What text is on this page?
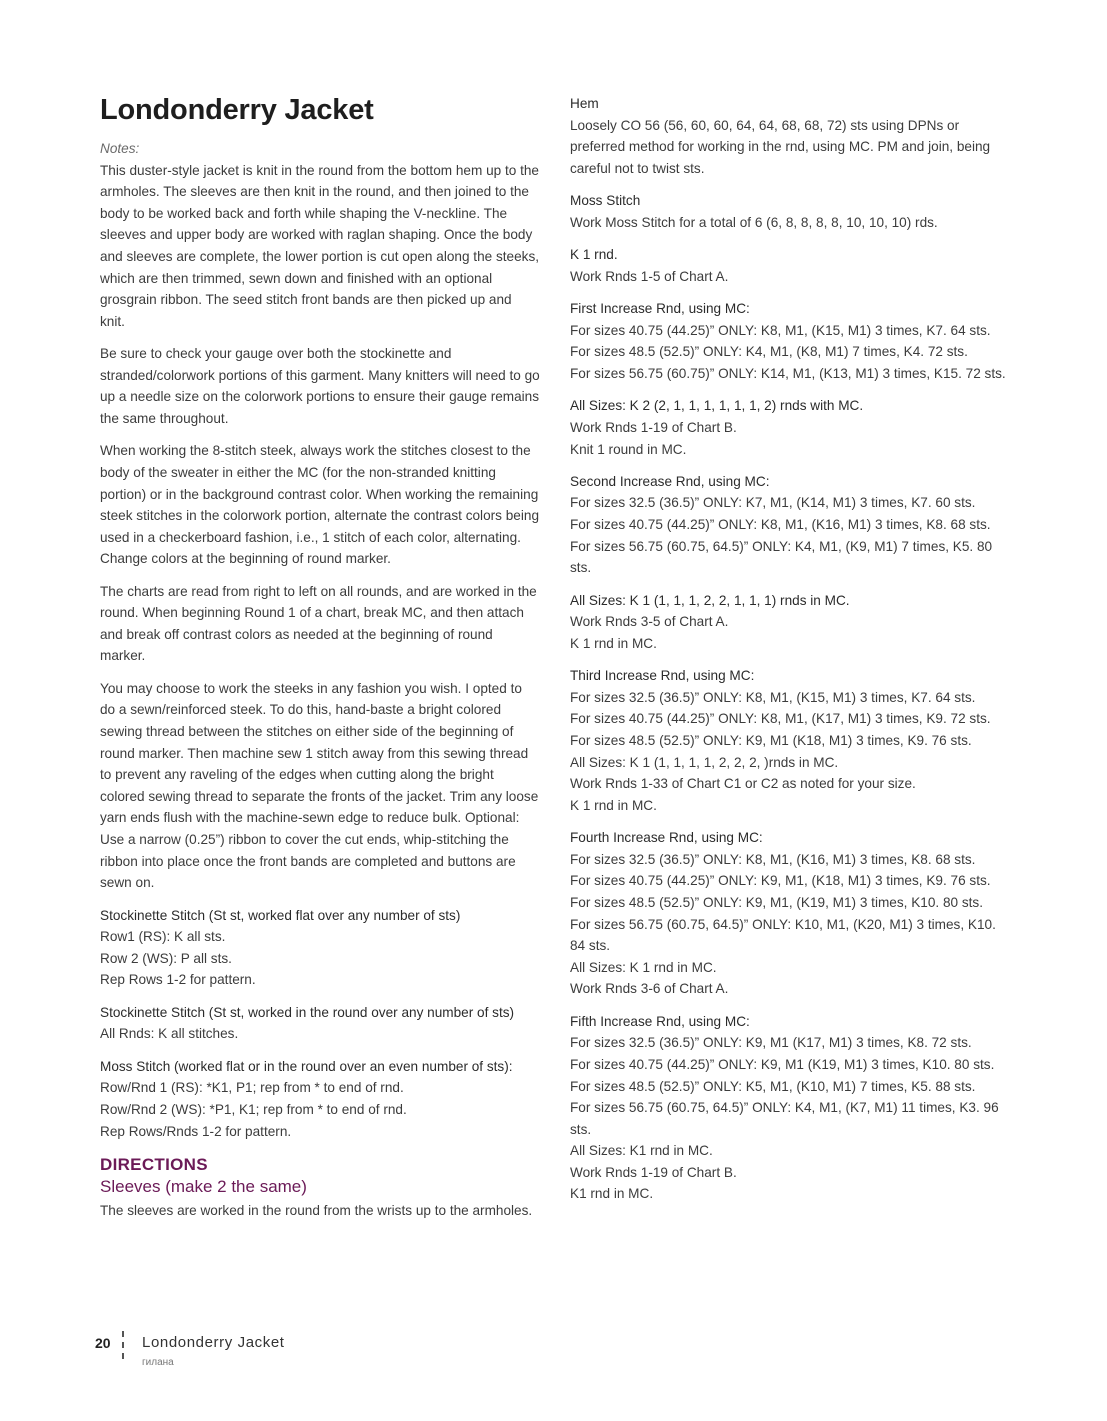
Londonderry Jacket
Notes:
This duster-style jacket is knit in the round from the bottom hem up to the armholes. The sleeves are then knit in the round, and then joined to the body to be worked back and forth while shaping the V-neckline. The sleeves and upper body are worked with raglan shaping. Once the body and sleeves are complete, the lower portion is cut open along the steeks, which are then trimmed, sewn down and finished with an optional grosgrain ribbon. The seed stitch front bands are then picked up and knit.
Be sure to check your gauge over both the stockinette and stranded/colorwork portions of this garment. Many knitters will need to go up a needle size on the colorwork portions to ensure their gauge remains the same throughout.
When working the 8-stitch steek, always work the stitches closest to the body of the sweater in either the MC (for the non-stranded knitting portion) or in the background contrast color. When working the remaining steek stitches in the colorwork portion, alternate the contrast colors being used in a checkerboard fashion, i.e., 1 stitch of each color, alternating. Change colors at the beginning of round marker.
The charts are read from right to left on all rounds, and are worked in the round. When beginning Round 1 of a chart, break MC, and then attach and break off contrast colors as needed at the beginning of round marker.
You may choose to work the steeks in any fashion you wish. I opted to do a sewn/reinforced steek. To do this, hand-baste a bright colored sewing thread between the stitches on either side of the beginning of round marker. Then machine sew 1 stitch away from this sewing thread to prevent any raveling of the edges when cutting along the bright colored sewing thread to separate the fronts of the jacket. Trim any loose yarn ends flush with the machine-sewn edge to reduce bulk. Optional: Use a narrow (0.25”) ribbon to cover the cut ends, whip-stitching the ribbon into place once the front bands are completed and buttons are sewn on.
Stockinette Stitch (St st, worked flat over any number of sts)
Row1 (RS): K all sts.
Row 2 (WS): P all sts.
Rep Rows 1-2 for pattern.
Stockinette Stitch (St st, worked in the round over any number of sts)
All Rnds: K all stitches.
Moss Stitch (worked flat or in the round over an even number of sts):
Row/Rnd 1 (RS): *K1, P1; rep from * to end of rnd.
Row/Rnd 2 (WS): *P1, K1; rep from * to end of rnd.
Rep Rows/Rnds 1-2 for pattern.
DIRECTIONS
Sleeves (make 2 the same)
The sleeves are worked in the round from the wrists up to the armholes.
Hem
Loosely CO 56 (56, 60, 60, 64, 64, 68, 68, 72) sts using DPNs or preferred method for working in the rnd, using MC. PM and join, being careful not to twist sts.
Moss Stitch
Work Moss Stitch for a total of 6 (6, 8, 8, 8, 8, 10, 10, 10) rds.
K 1 rnd.
Work Rnds 1-5 of Chart A.
First Increase Rnd, using MC:
For sizes 40.75 (44.25)” ONLY: K8, M1, (K15, M1) 3 times, K7. 64 sts.
For sizes 48.5 (52.5)” ONLY: K4, M1, (K8, M1) 7 times, K4. 72 sts.
For sizes 56.75 (60.75)” ONLY: K14, M1, (K13, M1) 3 times, K15. 72 sts.
All Sizes: K 2 (2, 1, 1, 1, 1, 1, 1, 2) rnds with MC.
Work Rnds 1-19 of Chart B.
Knit 1 round in MC.
Second Increase Rnd, using MC:
For sizes 32.5 (36.5)” ONLY: K7, M1, (K14, M1) 3 times, K7. 60 sts.
For sizes 40.75 (44.25)” ONLY: K8, M1, (K16, M1) 3 times, K8. 68 sts.
For sizes 56.75 (60.75, 64.5)” ONLY: K4, M1, (K9, M1) 7 times, K5. 80 sts.
All Sizes: K 1 (1, 1, 1, 2, 2, 1, 1, 1) rnds in MC.
Work Rnds 3-5 of Chart A.
K 1 rnd in MC.
Third Increase Rnd, using MC:
For sizes 32.5 (36.5)” ONLY: K8, M1, (K15, M1) 3 times, K7. 64 sts.
For sizes 40.75 (44.25)” ONLY: K8, M1, (K17, M1) 3 times, K9. 72 sts.
For sizes 48.5 (52.5)” ONLY: K9, M1 (K18, M1) 3 times, K9. 76 sts.
All Sizes: K 1 (1, 1, 1, 1, 2, 2, 2, )rnds in MC.
Work Rnds 1-33 of Chart C1 or C2 as noted for your size.
K 1 rnd in MC.
Fourth Increase Rnd, using MC:
For sizes 32.5 (36.5)” ONLY: K8, M1, (K16, M1) 3 times, K8. 68 sts.
For sizes 40.75 (44.25)” ONLY: K9, M1, (K18, M1) 3 times, K9. 76 sts.
For sizes 48.5 (52.5)” ONLY: K9, M1, (K19, M1) 3 times, K10. 80 sts.
For sizes 56.75 (60.75, 64.5)” ONLY: K10, M1, (K20, M1) 3 times, K10. 84 sts.
All Sizes: K 1 rnd in MC.
Work Rnds 3-6 of Chart A.
Fifth Increase Rnd, using MC:
For sizes 32.5 (36.5)” ONLY: K9, M1 (K17, M1) 3 times, K8. 72 sts.
For sizes 40.75 (44.25)” ONLY: K9, M1 (K19, M1) 3 times, K10. 80 sts.
For sizes 48.5 (52.5)” ONLY: K5, M1, (K10, M1) 7 times, K5. 88 sts.
For sizes 56.75 (60.75, 64.5)” ONLY: K4, M1, (K7, M1) 11 times, K3. 96 sts.
All Sizes: K1 rnd in MC.
Work Rnds 1-19 of Chart B.
K1 rnd in MC.
20 Londonderry Jacket
гилана
